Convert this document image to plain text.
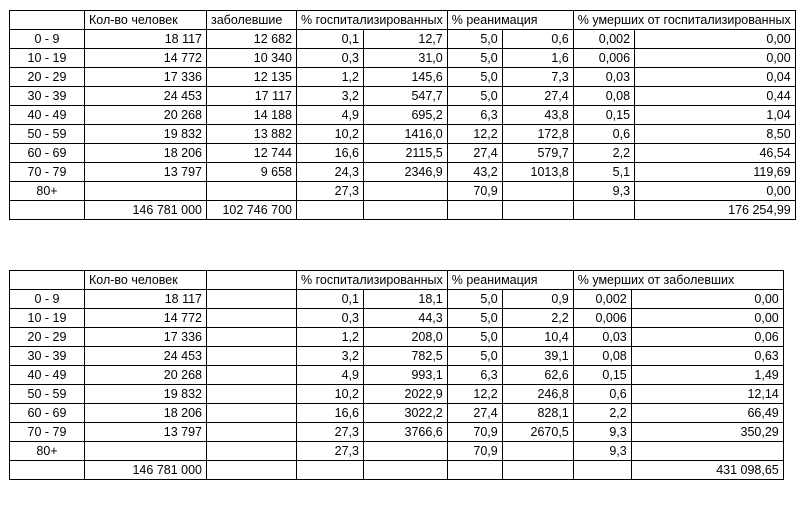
	Кол-во человек	заболевшие	% госпитализированных		% реанимация		% умерших от госпитализированных	
0 - 9	18 117	12 682	0,1	12,7	5,0	0,6	0,002	0,00
10 - 19	14 772	10 340	0,3	31,0	5,0	1,6	0,006	0,00
20 - 29	17 336	12 135	1,2	145,6	5,0	7,3	0,03	0,04
30 - 39	24 453	17 117	3,2	547,7	5,0	27,4	0,08	0,44
40 - 49	20 268	14 188	4,9	695,2	6,3	43,8	0,15	1,04
50 - 59	19 832	13 882	10,2	1416,0	12,2	172,8	0,6	8,50
60 - 69	18 206	12 744	16,6	2115,5	27,4	579,7	2,2	46,54
70 - 79	13 797	9 658	24,3	2346,9	43,2	1013,8	5,1	119,69
80+			27,3		70,9		9,3	0,00
	146 781 000	102 746 700						176 254,99
	Кол-во человек		% госпитализированных		% реанимация		% умерших от заболевших	
0 - 9	18 117		0,1	18,1	5,0	0,9	0,002	0,00
10 - 19	14 772		0,3	44,3	5,0	2,2	0,006	0,00
20 - 29	17 336		1,2	208,0	5,0	10,4	0,03	0,06
30 - 39	24 453		3,2	782,5	5,0	39,1	0,08	0,63
40 - 49	20 268		4,9	993,1	6,3	62,6	0,15	1,49
50 - 59	19 832		10,2	2022,9	12,2	246,8	0,6	12,14
60 - 69	18 206		16,6	3022,2	27,4	828,1	2,2	66,49
70 - 79	13 797		27,3	3766,6	70,9	2670,5	9,3	350,29
80+			27,3		70,9		9,3	
	146 781 000							431 098,65
